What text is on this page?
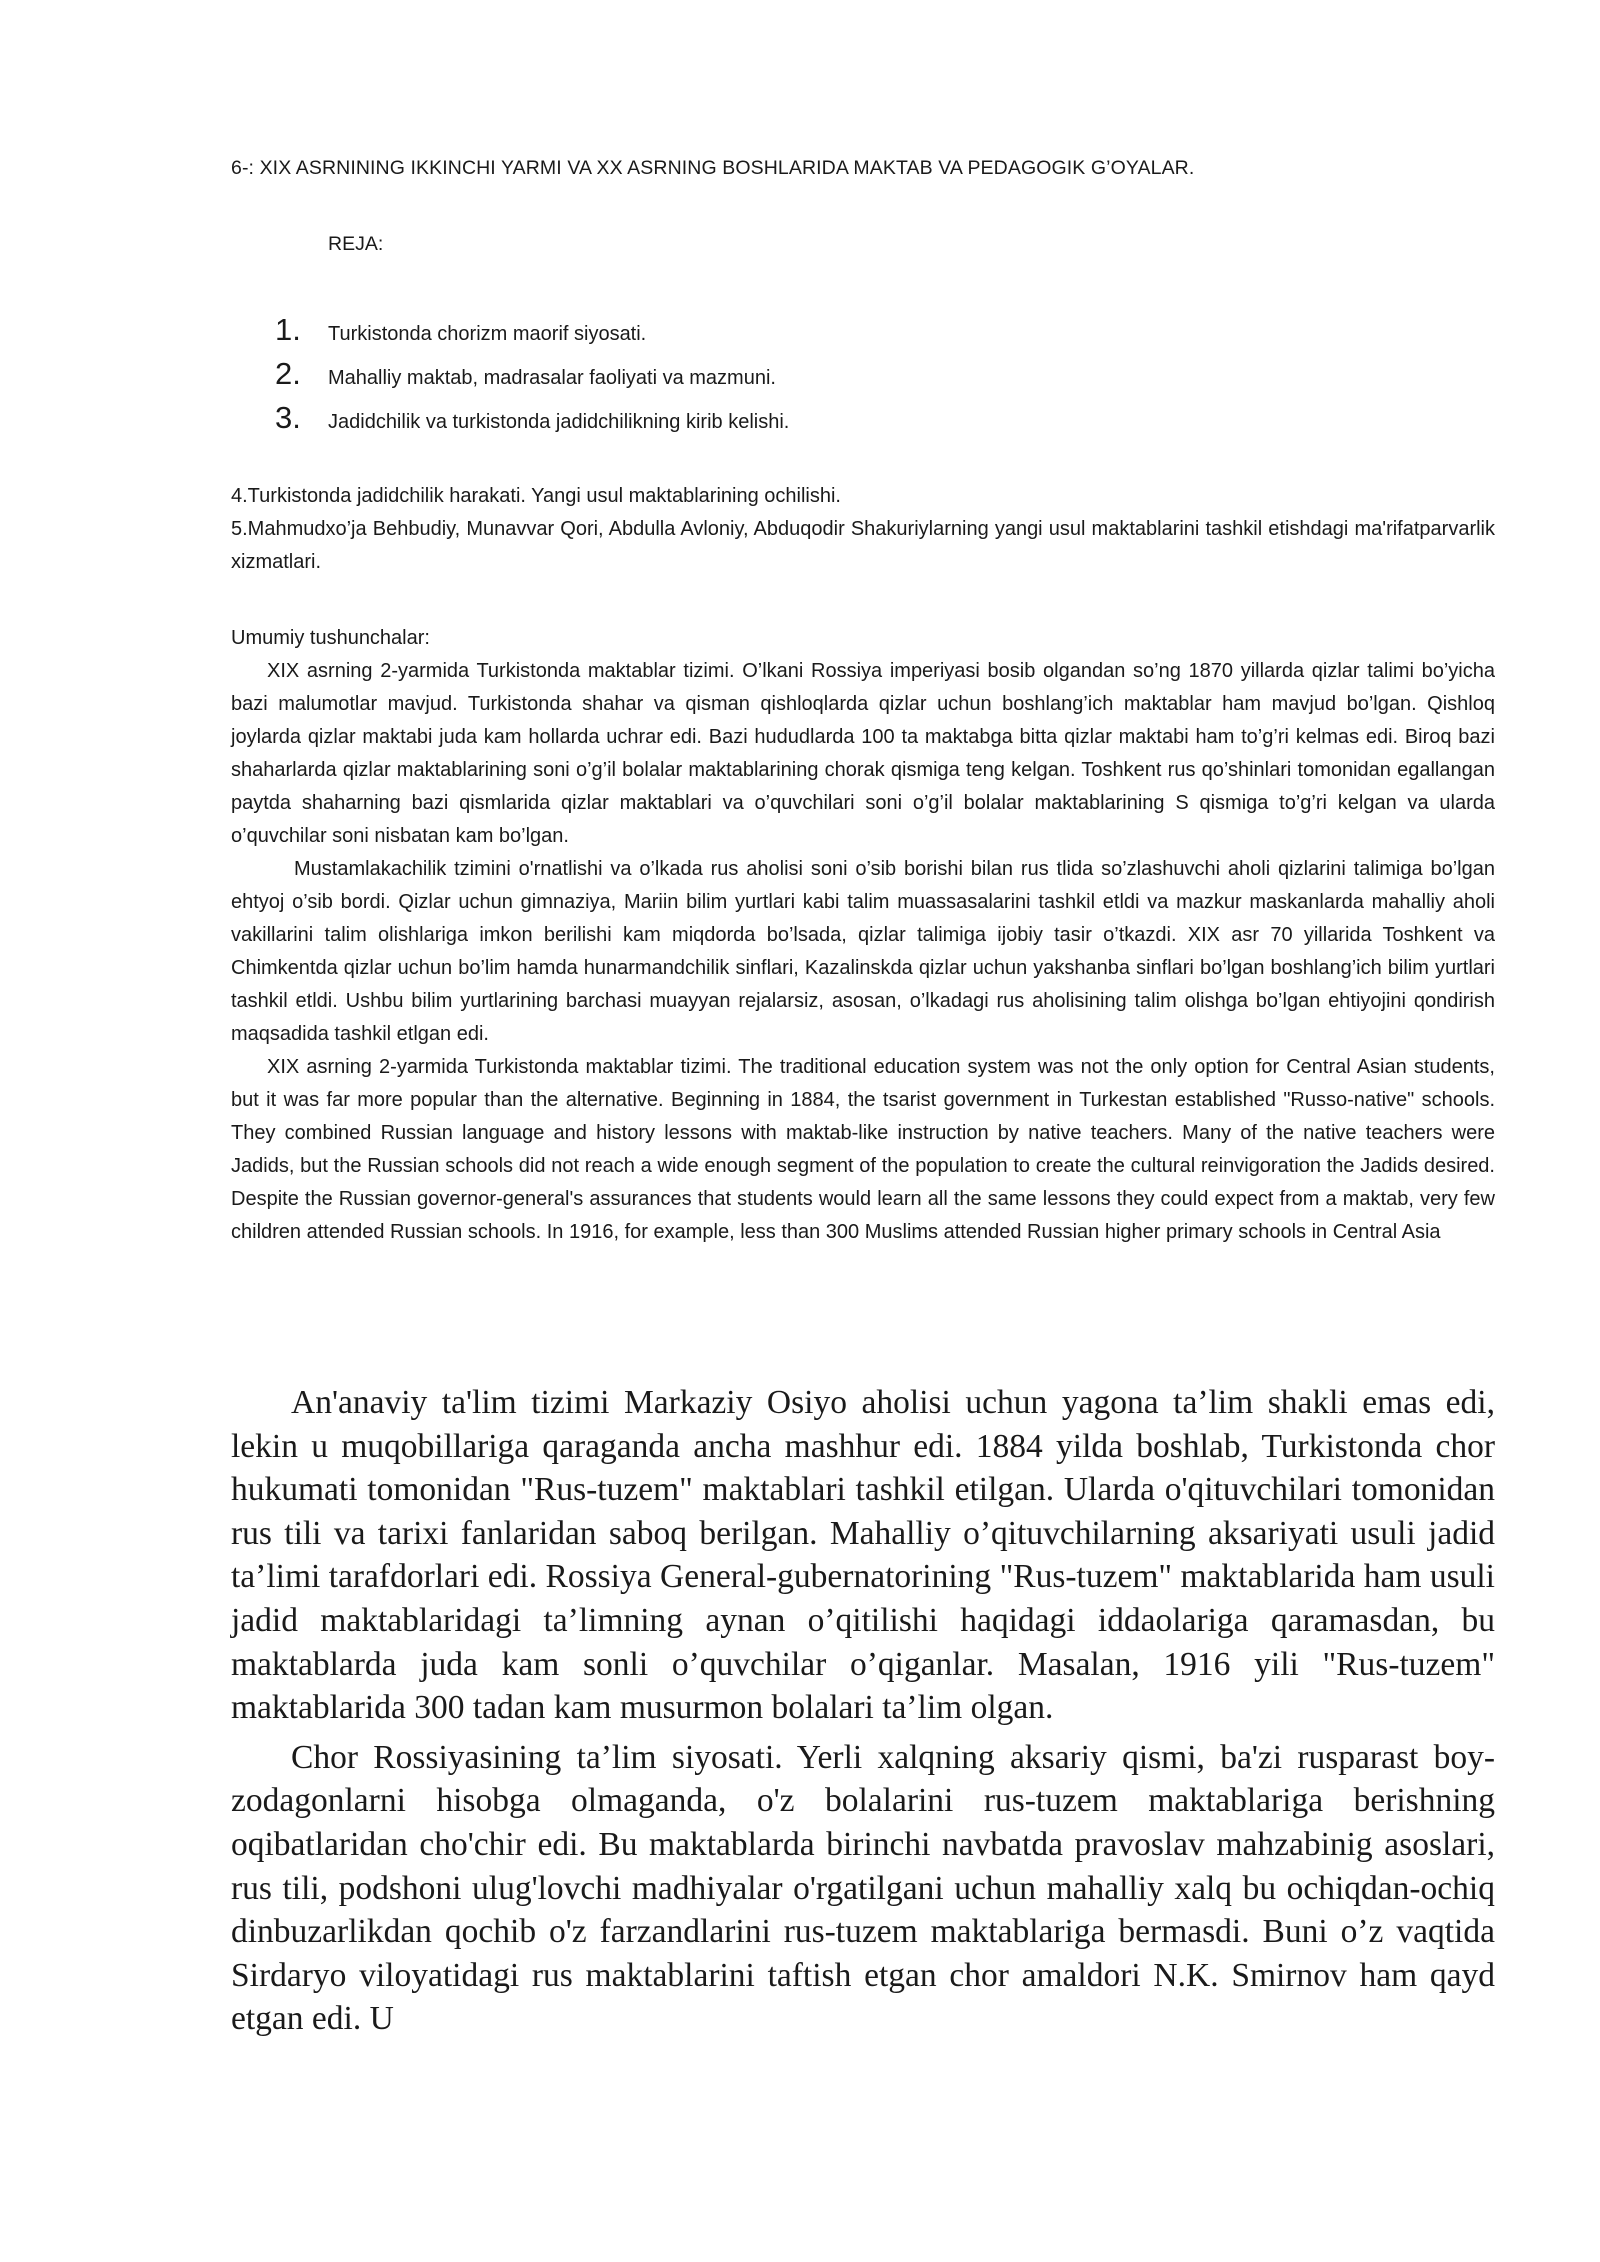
6-: XIX ASRNINING IKKINCHI YARMI VA XX ASRNING BOSHLARIDA MAKTAB VA PEDAGOGIK G’OYALAR.
REJA:
1.	Turkistonda chorizm maorif siyosati.
2.	Mahalliy maktab, madrasalar faoliyati va mazmuni.
3.	Jadidchilik va turkistonda jadidchilikning kirib kelishi.

4.Turkistonda jadidchilik harakati. Yangi usul maktablarining ochilishi.

5.Mahmudxo’ja Behbudiy, Munavvar Qori, Abdulla Avloniy, Abduqodir Shakuriylarning yangi usul maktablarini tashkil etishdagi ma'rifatparvarlik xizmatlari.

Umumiy tushunchalar:

XIX asrning 2-yarmida Turkistonda maktablar tizimi. O’lkani Rossiya imperiyasi bosib olgandan so’ng 1870 yillarda qizlar talimi bo’yicha bazi malumotlar mavjud. Turkistonda shahar va qisman qishloqlarda qizlar uchun boshlang’ich maktablar ham mavjud bo’lgan. Qishloq joylarda qizlar maktabi juda kam hollarda uchrar edi. Bazi hududlarda 100 ta maktabga bitta qizlar maktabi ham to’g’ri kelmas edi. Biroq bazi shaharlarda qizlar maktablarining soni o’g’il bolalar maktablarining chorak qismiga teng kelgan. Toshkent rus qo’shinlari tomonidan egallangan paytda shaharning bazi qismlarida qizlar maktablari va o’quvchilari soni o’g’il bolalar maktablarining S qismiga to’g’ri kelgan va ularda o’quvchilar soni nisbatan kam bo’lgan.

Mustamlakachilik tzimini o'rnatlishi va o’lkada rus aholisi soni o’sib borishi bilan rus tlida so’zlashuvchi aholi qizlarini talimiga bo’lgan ehtyoj o’sib bordi. Qizlar uchun gimnaziya, Mariin bilim yurtlari kabi talim muassasalarini tashkil etldi va mazkur maskanlarda mahalliy aholi vakillarini talim olishlariga imkon berilishi kam miqdorda bo’lsada, qizlar talimiga ijobiy tasir o’tkazdi. XIX asr 70 yillarida Toshkent va Chimkentda qizlar uchun bo’lim hamda hunarmandchilik sinflari, Kazalinskda qizlar uchun yakshanba sinflari bo’lgan boshlang’ich bilim yurtlari tashkil etldi. Ushbu bilim yurtlarining barchasi muayyan rejalarsiz, asosan, o’lkadagi rus aholisining talim olishga bo’lgan ehtiyojini qondirish maqsadida tashkil etlgan edi.

XIX asrning 2-yarmida Turkistonda maktablar tizimi. The traditional education system was not the only option for Central Asian students, but it was far more popular than the alternative. Beginning in 1884, the tsarist government in Turkestan established "Russo-native" schools. They combined Russian language and history lessons with maktab-like instruction by native teachers. Many of the native teachers were Jadids, but the Russian schools did not reach a wide enough segment of the population to create the cultural reinvigoration the Jadids desired. Despite the Russian governor-general's assurances that students would learn all the same lessons they could expect from a maktab, very few children attended Russian schools. In 1916, for example, less than 300 Muslims attended Russian higher primary schools in Central Asia

An'anaviy ta'lim tizimi Markaziy Osiyo aholisi uchun yagona ta’lim shakli emas edi, lekin u muqobillariga qaraganda ancha mashhur edi. 1884 yilda boshlab, Turkistonda chor hukumati tomonidan "Rus-tuzem" maktablari tashkil etilgan. Ularda o'qituvchilari tomonidan rus tili va tarixi fanlaridan saboq berilgan. Mahalliy o’qituvchilarning aksariyati usuli jadid ta’limi tarafdorlari edi. Rossiya General-gubernatorining "Rus-tuzem" maktablarida ham usuli jadid maktablaridagi ta’limning aynan o’qitilishi haqidagi iddaolariga qaramasdan, bu maktablarda juda kam sonli o’quvchilar o’qiganlar. Masalan, 1916 yili "Rus-tuzem" maktablarida 300 tadan kam musurmon bolalari ta’lim olgan.

Chor Rossiyasining ta’lim siyosati. Yerli xalqning aksariy qismi, ba'zi rusparast boy-zodagonlarni hisobga olmaganda, o'z bolalarini rus-tuzem maktablariga berishning oqibatlaridan cho'chir edi. Bu maktablarda birinchi navbatda pravoslav mahzabinig asoslari, rus tili, podshoni ulug'lovchi madhiyalar o'rgatilgani uchun mahalliy xalq bu ochiqdan-ochiq dinbuzarlikdan qochib o'z farzandlarini rus-tuzem maktablariga bermasdi. Buni o’z vaqtida Sirdaryo viloyatidagi rus maktablarini taftish etgan chor amaldori N.K. Smirnov ham qayd etgan edi. U
